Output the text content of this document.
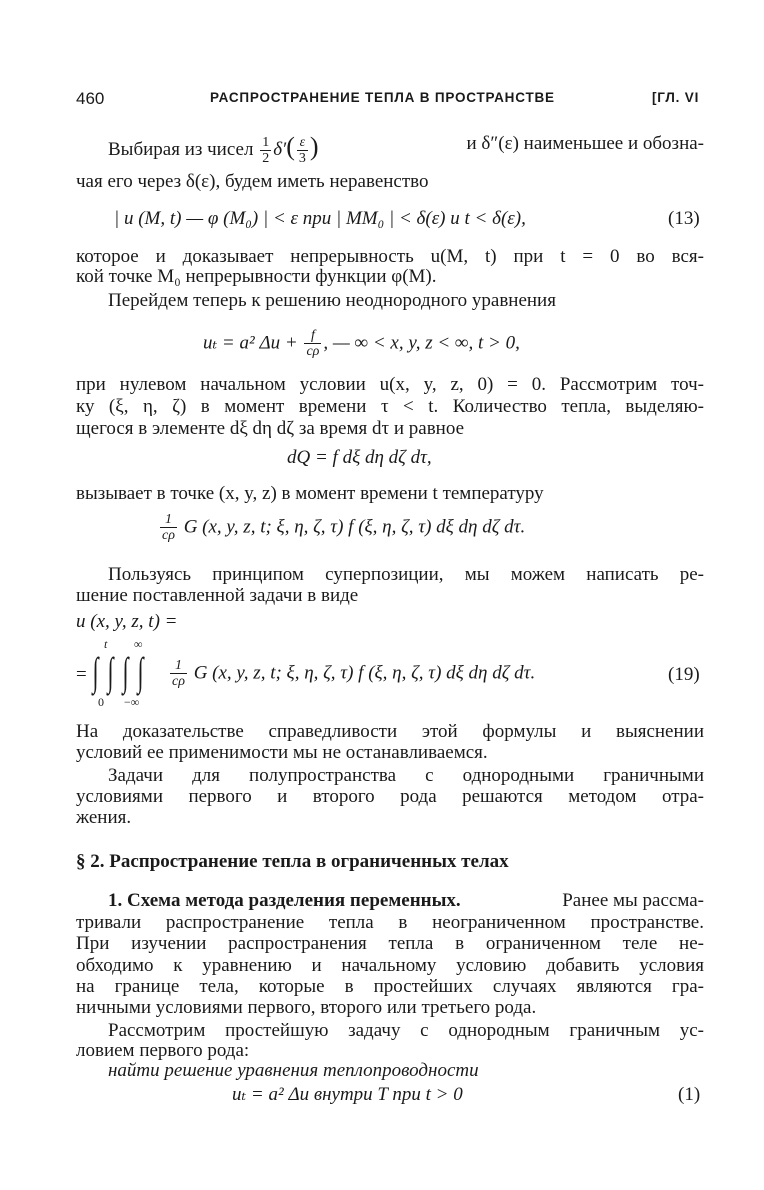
460	РАСПРОСТРАНЕНИЕ ТЕПЛА В ПРОСТРАНСТВЕ	[ГЛ. VI
Выбирая из чисел $\frac{1}{2} \delta'( \frac{\varepsilon}{3}$ )	и δ″(ε) наименьшее и обозна-
чая его через δ(ε), будем иметь неравенство
| u (M, t) — φ (M₀) | < ε при | MM₀ | < δ(ε) и t < δ(ε),	(13)
которое и доказывает непрерывность u(M, t) при t = 0 во вся-
кой точке M₀ непрерывности функции φ(M).
Перейдем теперь к решению неоднородного уравнения
uₜ = a² $\Delta u + \frac{f}{c\rho}$ , — ∞ < x, y, z < ∞, t > 0,
при нулевом начальном условии u(x, y, z, 0) = 0. Рассмотрим точ-
ку (ξ, η, ζ) в момент времени τ < t. Количество тепла, выделяю-
щегося в элементе dξ dη dζ за время dτ и равное
dQ = f dξ dη dζ dτ,
вызывает в точке (x, y, z) в момент времени t температуру
$\frac{1}{c\rho}$ G (x, y, z, t; ξ, η, ζ, τ) f (ξ, η, ζ, τ) dξ dη dζ dτ.
Пользуясь принципом суперпозиции, мы можем написать ре-
шение поставленной задачи в виде
u (x, y, z, t) =
=
t ∞
∫ ∫ ∫ ∫
0 −∞
$\frac{1}{c\rho}$ G (x, y, z, t; ξ, η, ζ, τ) f (ξ, η, ζ, τ) dξ dη dζ dτ.	(19)
На доказательстве справедливости этой формулы и выяснении
условий ее применимости мы не останавливаемся.
Задачи для полупространства с однородными граничными
условиями первого и второго рода решаются методом отра-
жения.
§ 2. Распространение тепла в ограниченных телах
1. Схема метода разделения переменных.	Ранее мы рассма-
тривали распространение тепла в неограниченном пространстве.
При изучении распространения тепла в ограниченном теле не-
обходимо к уравнению и начальному условию добавить условия
на границе тела, которые в простейших случаях являются гра-
ничными условиями первого, второго или третьего рода.
Рассмотрим простейшую задачу с однородным граничным ус-
ловием первого рода:
найти решение уравнения теплопроводности
uₜ = a² Δu внутри T при t > 0	(1)
